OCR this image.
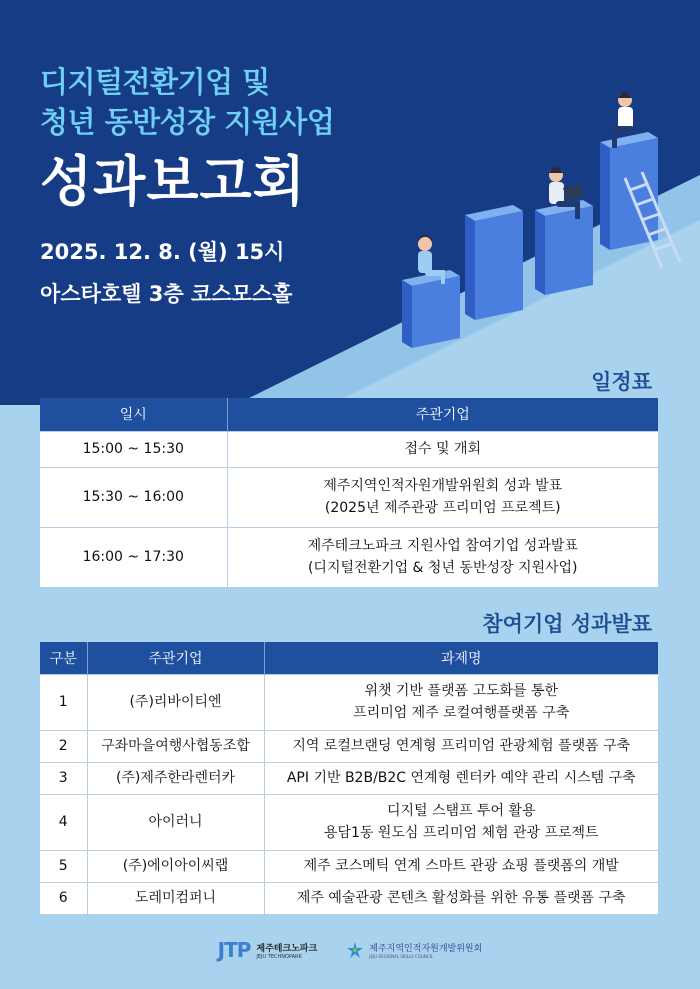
디지털전환기업 및
청년 동반성장 지원사업
성과보고회
2025. 12. 8. (월) 15시
아스타호텔 3층 코스모스홀
일정표
일시	주관기업
15:00 ~ 15:30	접수 및 개회

15:30 ~ 16:00	제주지역인적자원개발위원회 성과 발표
(2025년 제주관광 프리미엄 프로젝트)

16:00 ~ 17:30	제주테크노파크 지원사업 참여기업 성과발표
(디지털전환기업 & 청년 동반성장 지원사업)
참여기업 성과발표
구분	주관기업	과제명
1	(주)리바이티엔	위챗 기반 플랫폼 고도화를 통한
프리미엄 제주 로컬여행플랫폼 구축

2	구좌마을여행사협동조합	지역 로컬브랜딩 연계형 프리미엄 관광체험 플랫폼 구축

3	(주)제주한라렌터카	API 기반 B2B/B2C 연계형 렌터카 예약 관리 시스템 구축

4	아이러니	디지털 스탬프 투어 활용
용담1동 원도심 프리미엄 체험 관광 프로젝트

5	(주)에이아이씨랩	제주 코스메틱 연계 스마트 관광 쇼핑 플랫폼의 개발

6	도레미컴퍼니	제주 예술관광 콘텐츠 활성화를 위한 유통 플랫폼 구축
JTP 제주테크노파크
JEJU TECHNOPARK
제주지역인적자원개발위원회
JEJU REGIONAL SKILLS COUNCIL
